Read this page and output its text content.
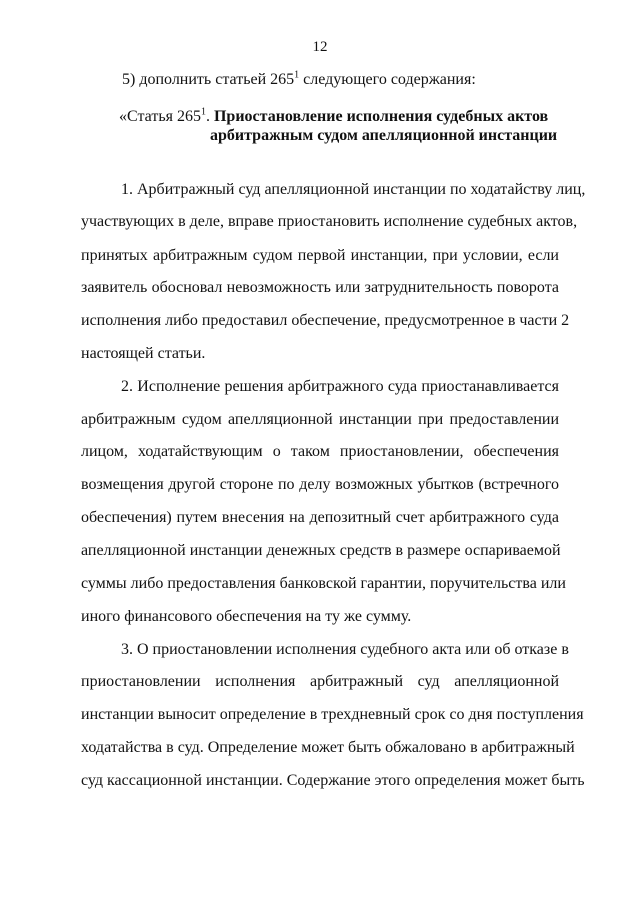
12
5) дополнить статьей $265^1$ следующего содержания:
«Статья $265^1$. Приостановление исполнения судебных актов
арбитражным судом апелляционной инстанции
1. Арбитражный суд апелляционной инстанции по ходатайству лиц,
участвующих в деле, вправе приостановить исполнение судебных актов,
принятых арбитражным судом первой инстанции, при условии, если
заявитель обосновал невозможность или затруднительность поворота
исполнения либо предоставил обеспечение, предусмотренное в части 2
настоящей статьи.
2. Исполнение решения арбитражного суда приостанавливается
арбитражным судом апелляционной инстанции при предоставлении
лицом, ходатайствующим о таком приостановлении, обеспечения
возмещения другой стороне по делу возможных убытков (встречного
обеспечения) путем внесения на депозитный счет арбитражного суда
апелляционной инстанции денежных средств в размере оспариваемой
суммы либо предоставления банковской гарантии, поручительства или
иного финансового обеспечения на ту же сумму.
3. О приостановлении исполнения судебного акта или об отказе в
приостановлении исполнения арбитражный суд апелляционной
инстанции выносит определение в трехдневный срок со дня поступления
ходатайства в суд. Определение может быть обжаловано в арбитражный
суд кассационной инстанции. Содержание этого определения может быть
